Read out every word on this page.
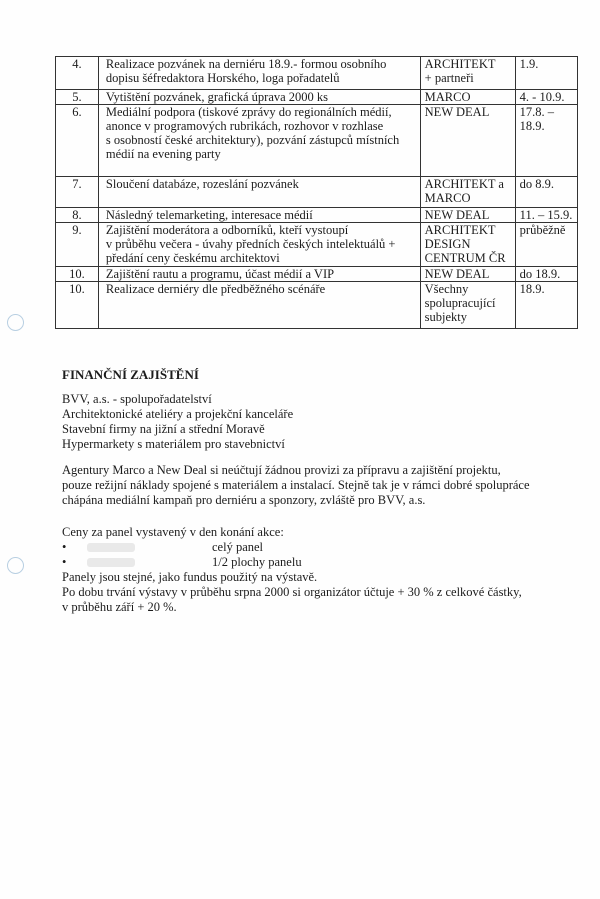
4.	Realizace pozvánek na derniéru 18.9.- formou osobního
dopisu šéfredaktora Horského, loga pořadatelů	ARCHITEKT
+ partneři	1.9.
5.	Vytištění pozvánek, grafická úprava 2000 ks	MARCO	4. - 10.9.
6.	Mediální podpora (tiskové zprávy do regionálních médií,
anonce v programových rubrikách, rozhovor v rozhlase
s osobností české architektury), pozvání zástupců místních
médií na evening party	NEW DEAL	17.8. – 18.9.
7.	Sloučení databáze, rozeslání pozvánek	ARCHITEKT a
MARCO	do 8.9.
8.	Následný telemarketing, interesace médií	NEW DEAL	11. – 15.9.
9.	Zajištění moderátora a odborníků, kteří vystoupí
v průběhu večera - úvahy předních českých intelektuálů +
předání ceny českému architektovi	ARCHITEKT
DESIGN
CENTRUM ČR	průběžně
10.	Zajištění rautu a programu, účast médií a VIP	NEW DEAL	do 18.9.
10.	Realizace derniéry dle předběžného scénáře	Všechny
spolupracující
subjekty	18.9.
FINANČNÍ ZAJIŠTĚNÍ
BVV, a.s. - spolupořadatelství
Architektonické ateliéry a projekční kanceláře
Stavební firmy na jižní a střední Moravě
Hypermarkety s materiálem pro stavebnictví
Agentury Marco a New Deal si neúčtují žádnou provizi za přípravu a zajištění projektu,
pouze režijní náklady spojené s materiálem a instalací. Stejně tak je v rámci dobré spolupráce
chápána mediální kampaň pro derniéru a sponzory, zvláště pro BVV, a.s.
Ceny za panel vystavený v den konání akce:
•	celý panel
•	1/2 plochy panelu
Panely jsou stejné, jako fundus použitý na výstavě.
Po dobu trvání výstavy v průběhu srpna 2000 si organizátor účtuje + 30 % z celkové částky,
v průběhu září + 20 %.
